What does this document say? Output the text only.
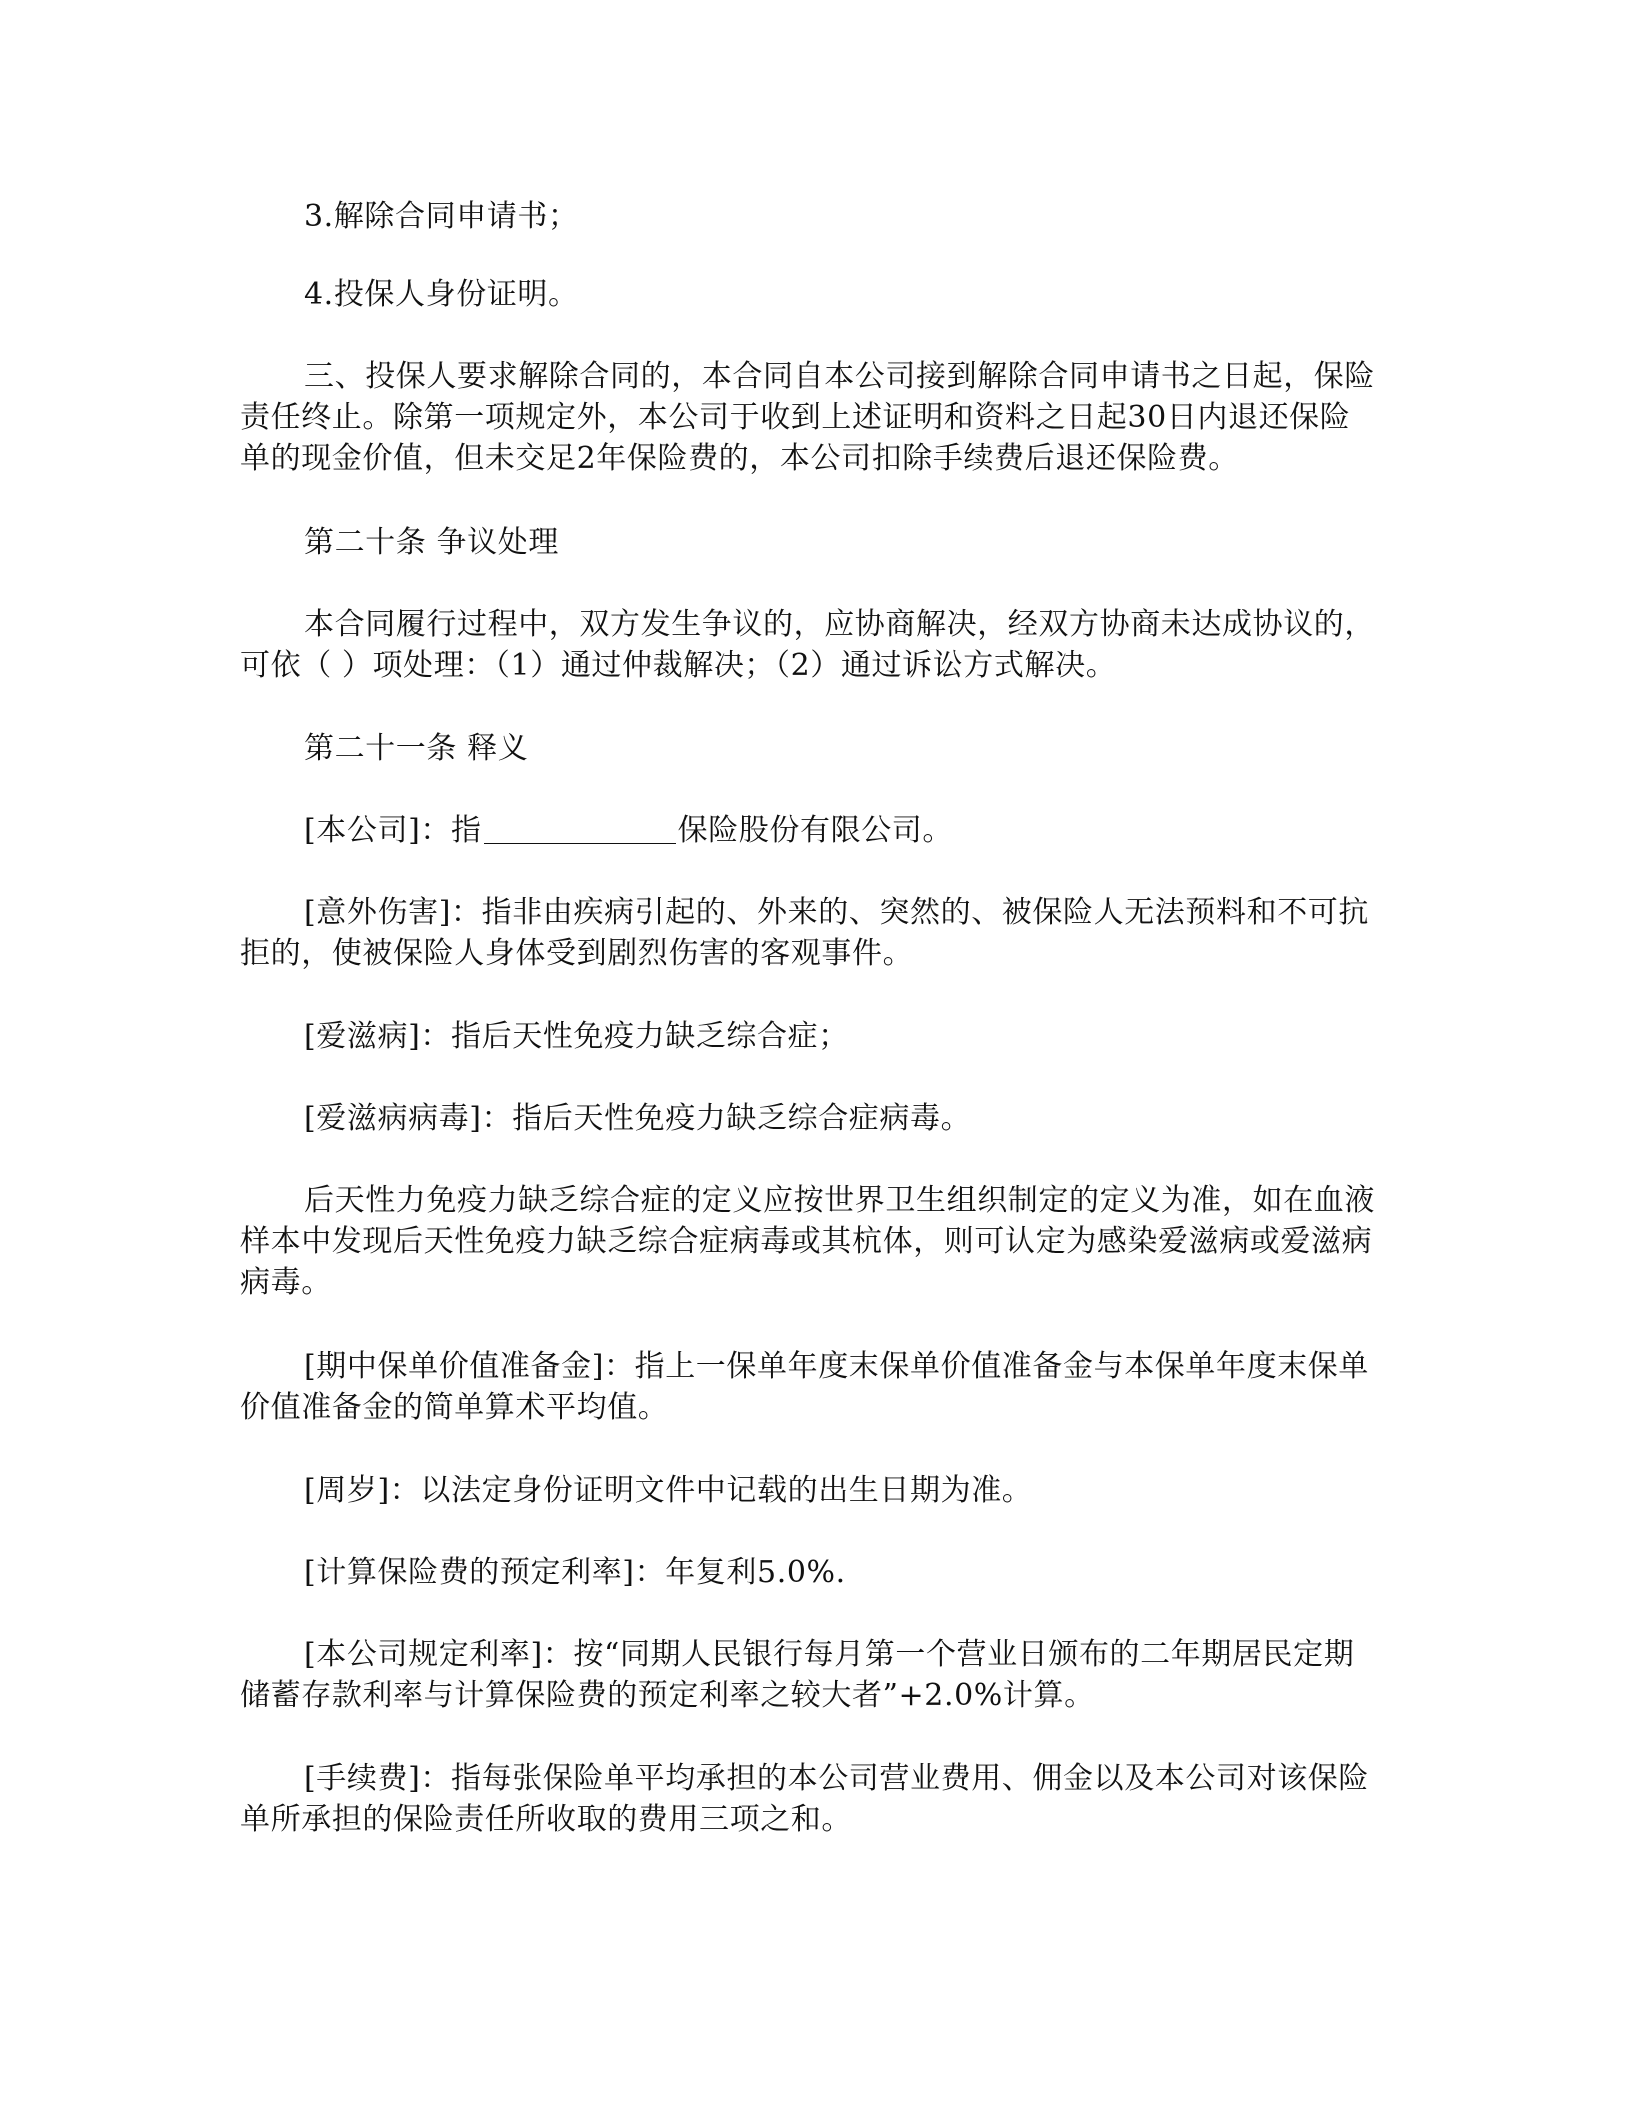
3.解除合同申请书；

4.投保人身份证明。

三、投保人要求解除合同的，本合同自本公司接到解除合同申请书之日起，保险责任终止。除第一项规定外，本公司于收到上述证明和资料之日起30日内退还保险单的现金价值，但未交足2年保险费的，本公司扣除手续费后退还保险费。

第二十条 争议处理

本合同履行过程中，双方发生争议的，应协商解决，经双方协商未达成协议的，可依（ ）项处理：（1）通过仲裁解决；（2）通过诉讼方式解决。

第二十一条 释义

[本公司]：指	保险股份有限公司。

[意外伤害]：指非由疾病引起的、外来的、突然的、被保险人无法预料和不可抗拒的，使被保险人身体受到剧烈伤害的客观事件。

[爱滋病]：指后天性免疫力缺乏综合症；

[爱滋病病毒]：指后天性免疫力缺乏综合症病毒。

后天性力免疫力缺乏综合症的定义应按世界卫生组织制定的定义为准，如在血液样本中发现后天性免疫力缺乏综合症病毒或其杭体，则可认定为感染爱滋病或爱滋病病毒。

[期中保单价值准备金]：指上一保单年度末保单价值准备金与本保单年度末保单价值准备金的简单算术平均值。

[周岁]：以法定身份证明文件中记载的出生日期为准。

[计算保险费的预定利率]：年复利5.0%.

[本公司规定利率]：按“同期人民银行每月第一个营业日颁布的二年期居民定期储蓄存款利率与计算保险费的预定利率之较大者”+2.0%计算。

[手续费]：指每张保险单平均承担的本公司营业费用、佣金以及本公司对该保险单所承担的保险责任所收取的费用三项之和。
